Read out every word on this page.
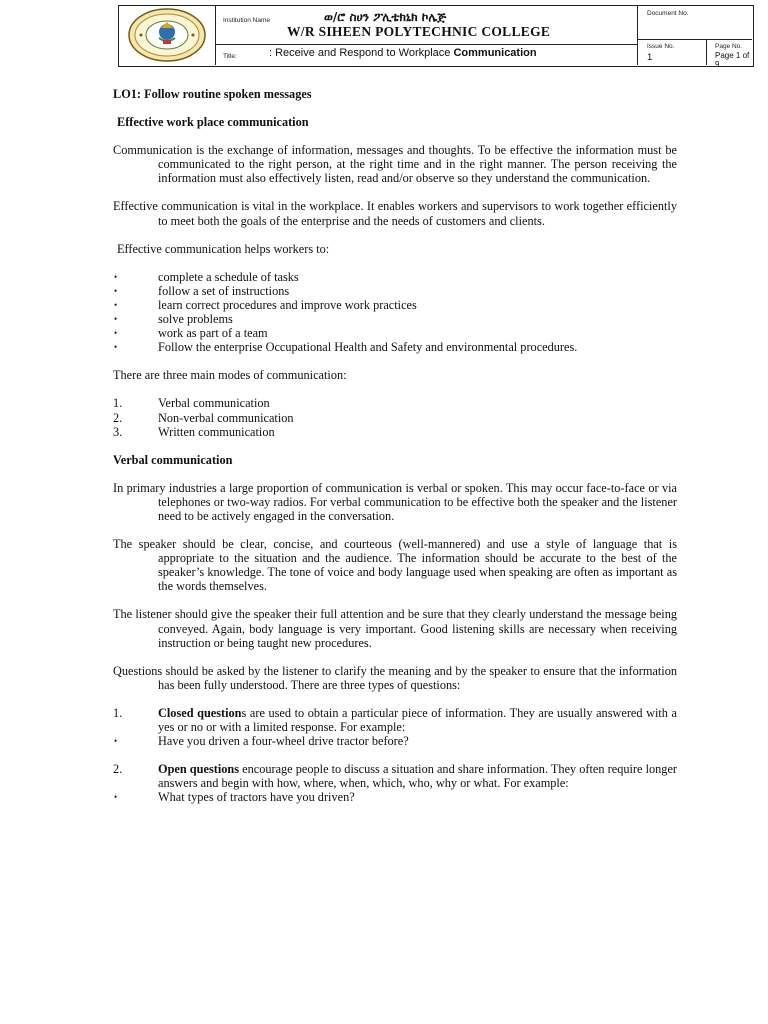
Institution Name	ወ/ሮ ስሀን ፖሊቴክኒክ ኮሌጅ
W/R SIHEEN POLYTECHNIC COLLEGE
Title:	: Receive and Respond to Workplace Communication
Document No.
Issue No.
1
Page No.
Page 1 of 9

LO1: Follow routine spoken messages

Effective work place communication

Communication is the exchange of information, messages and thoughts. To be effective the information must be communicated to the right person, at the right time and in the right manner. The person receiving the information must also effectively listen, read and/or observe so they understand the communication.

Effective communication is vital in the workplace. It enables workers and supervisors to work together efficiently to meet both the goals of the enterprise and the needs of customers and clients.

Effective communication helps workers to:

•	complete a schedule of tasks
•	follow a set of instructions
•	learn correct procedures and improve work practices
•	solve problems
•	work as part of a team
•	Follow the enterprise Occupational Health and Safety and environmental procedures.

There are three main modes of communication:

1.	Verbal communication
2.	Non-verbal communication
3.	Written communication

Verbal communication

In primary industries a large proportion of communication is verbal or spoken. This may occur face-to-face or via telephones or two-way radios. For verbal communication to be effective both the speaker and the listener need to be actively engaged in the conversation.

The speaker should be clear, concise, and courteous (well-mannered) and use a style of language that is appropriate to the situation and the audience. The information should be accurate to the best of the speaker’s knowledge. The tone of voice and body language used when speaking are often as important as the words themselves.

The listener should give the speaker their full attention and be sure that they clearly understand the message being conveyed. Again, body language is very important. Good listening skills are necessary when receiving instruction or being taught new procedures.

Questions should be asked by the listener to clarify the meaning and by the speaker to ensure that the information has been fully understood. There are three types of questions:

1.	Closed questions are used to obtain a particular piece of information. They are usually answered with a yes or no or with a limited response. For example:
•	Have you driven a four-wheel drive tractor before?
2.	Open questions encourage people to discuss a situation and share information. They often require longer answers and begin with how, where, when, which, who, why or what. For example:
•	What types of tractors have you driven?
